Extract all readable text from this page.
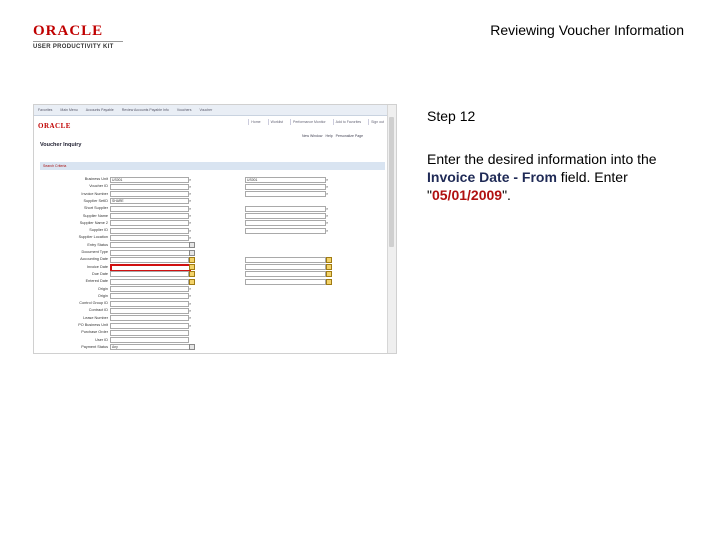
ORACLE
USER PRODUCTIVITY KIT
Reviewing Voucher Information
Favorites Main Menu Accounts Payable Review Accounts Payable Info Vouchers Voucher
Home	Worklist	Performance Monitor	Add to Favorites	Sign out
ORACLE
New Window Help Personalize Page
Voucher Inquiry
Search Criteria
Business Unit	US001	⌕	US001	⌕
Voucher ID	⌕	⌕
Invoice Number	⌕	⌕
Supplier SetID	SHARE	⌕
Short Supplier	⌕	⌕
Supplier Name	⌕	⌕
Supplier Name 2	⌕	⌕
Supplier ID	⌕	⌕
Supplier Location	⌕
Entry Status
Document Type
Accounting Date
Invoice Date
Due Date
Entered Date
Origin	⌕
Origin	⌕
Control Group ID	⌕
Contract ID	⌕
Lease Number	⌕
PO Business Unit	⌕
Purchase Order
User ID
Payment Status	Any
Step 12
Enter the desired information into the Invoice Date - From field. Enter "05/01/2009".
